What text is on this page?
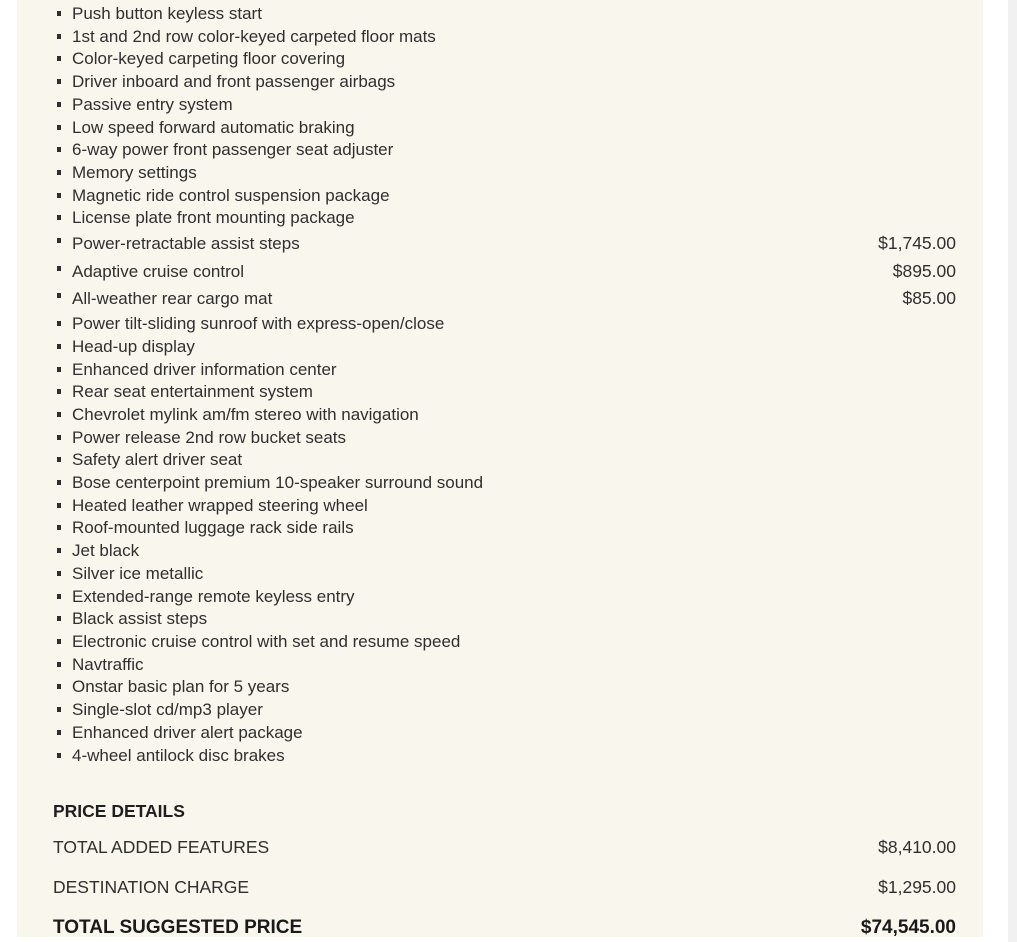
Push button keyless start
1st and 2nd row color-keyed carpeted floor mats
Color-keyed carpeting floor covering
Driver inboard and front passenger airbags
Passive entry system
Low speed forward automatic braking
6-way power front passenger seat adjuster
Memory settings
Magnetic ride control suspension package
License plate front mounting package
Power-retractable assist steps	$1,745.00
Adaptive cruise control	$895.00
All-weather rear cargo mat	$85.00
Power tilt-sliding sunroof with express-open/close
Head-up display
Enhanced driver information center
Rear seat entertainment system
Chevrolet mylink am/fm stereo with navigation
Power release 2nd row bucket seats
Safety alert driver seat
Bose centerpoint premium 10-speaker surround sound
Heated leather wrapped steering wheel
Roof-mounted luggage rack side rails
Jet black
Silver ice metallic
Extended-range remote keyless entry
Black assist steps
Electronic cruise control with set and resume speed
Navtraffic
Onstar basic plan for 5 years
Single-slot cd/mp3 player
Enhanced driver alert package
4-wheel antilock disc brakes
PRICE DETAILS
TOTAL ADDED FEATURES	$8,410.00
DESTINATION CHARGE	$1,295.00
TOTAL SUGGESTED PRICE	$74,545.00
